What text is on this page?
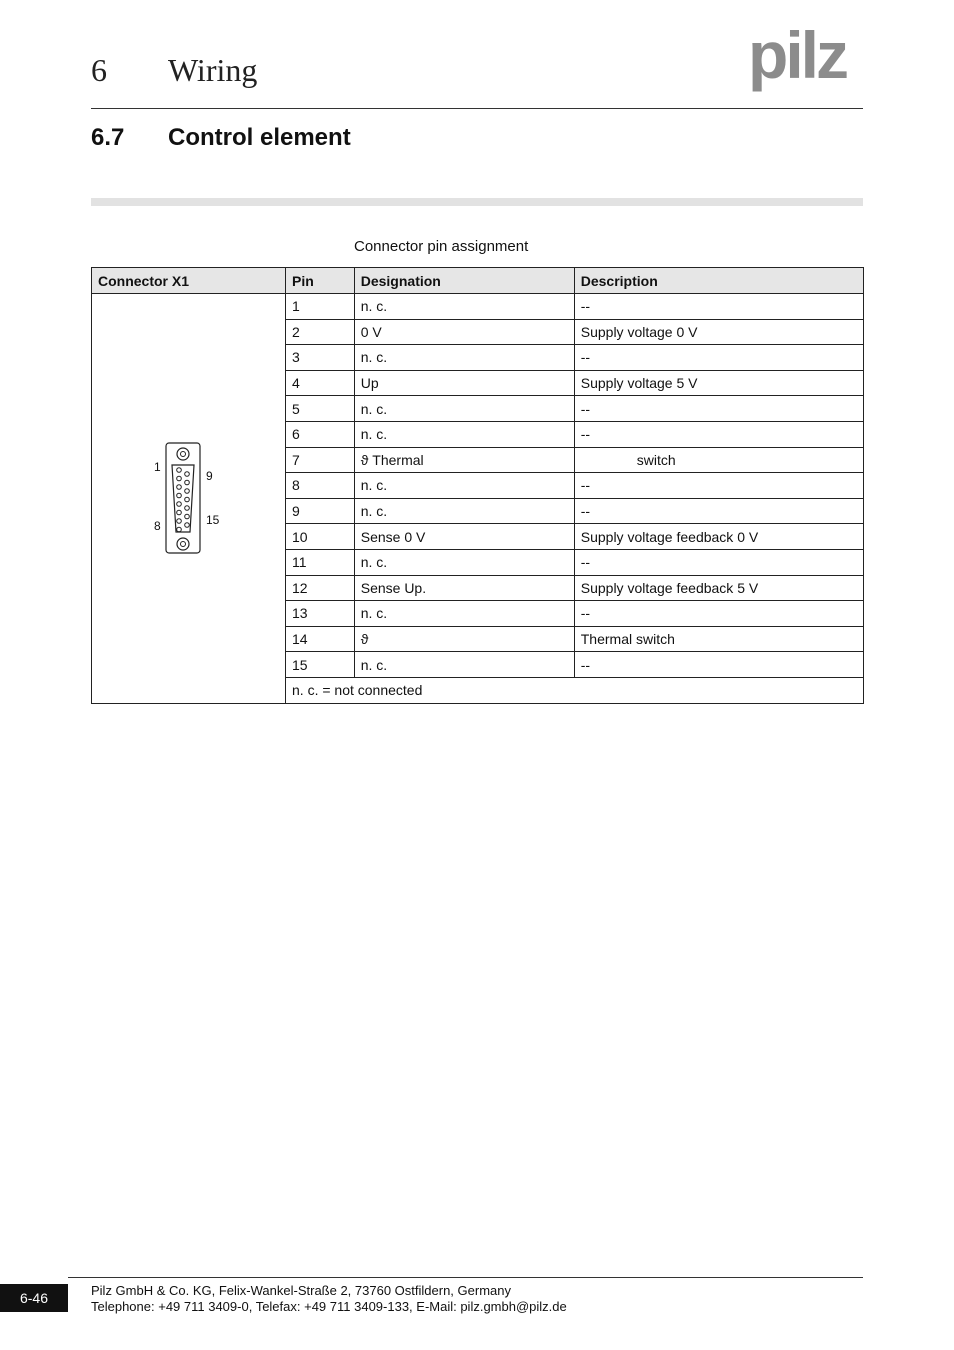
6 Wiring	pilz
6.7 Control element
Connector pin assignment
Connector X1	Pin	Designation	Description

1
8
9
15	1	n. c.	--
	2	0 V	Supply voltage 0 V
	3	n. c.	--
	4	Up	Supply voltage 5 V
	5	n. c.	--
	6	n. c.	--
	7	ϑ Thermal	switch
	8	n. c.	--
	9	n. c.	--
	10	Sense 0 V	Supply voltage feedback 0 V
	11	n. c.	--
	12	Sense Up.	Supply voltage feedback 5 V
	13	n. c.	--
	14	ϑ	Thermal switch
	15	n. c.	--
	n. c. = not connected		
6-46	Pilz GmbH & Co. KG, Felix-Wankel-Straße 2, 73760 Ostfildern, Germany
Telephone: +49 711 3409-0, Telefax: +49 711 3409-133, E-Mail: pilz.gmbh@pilz.de
